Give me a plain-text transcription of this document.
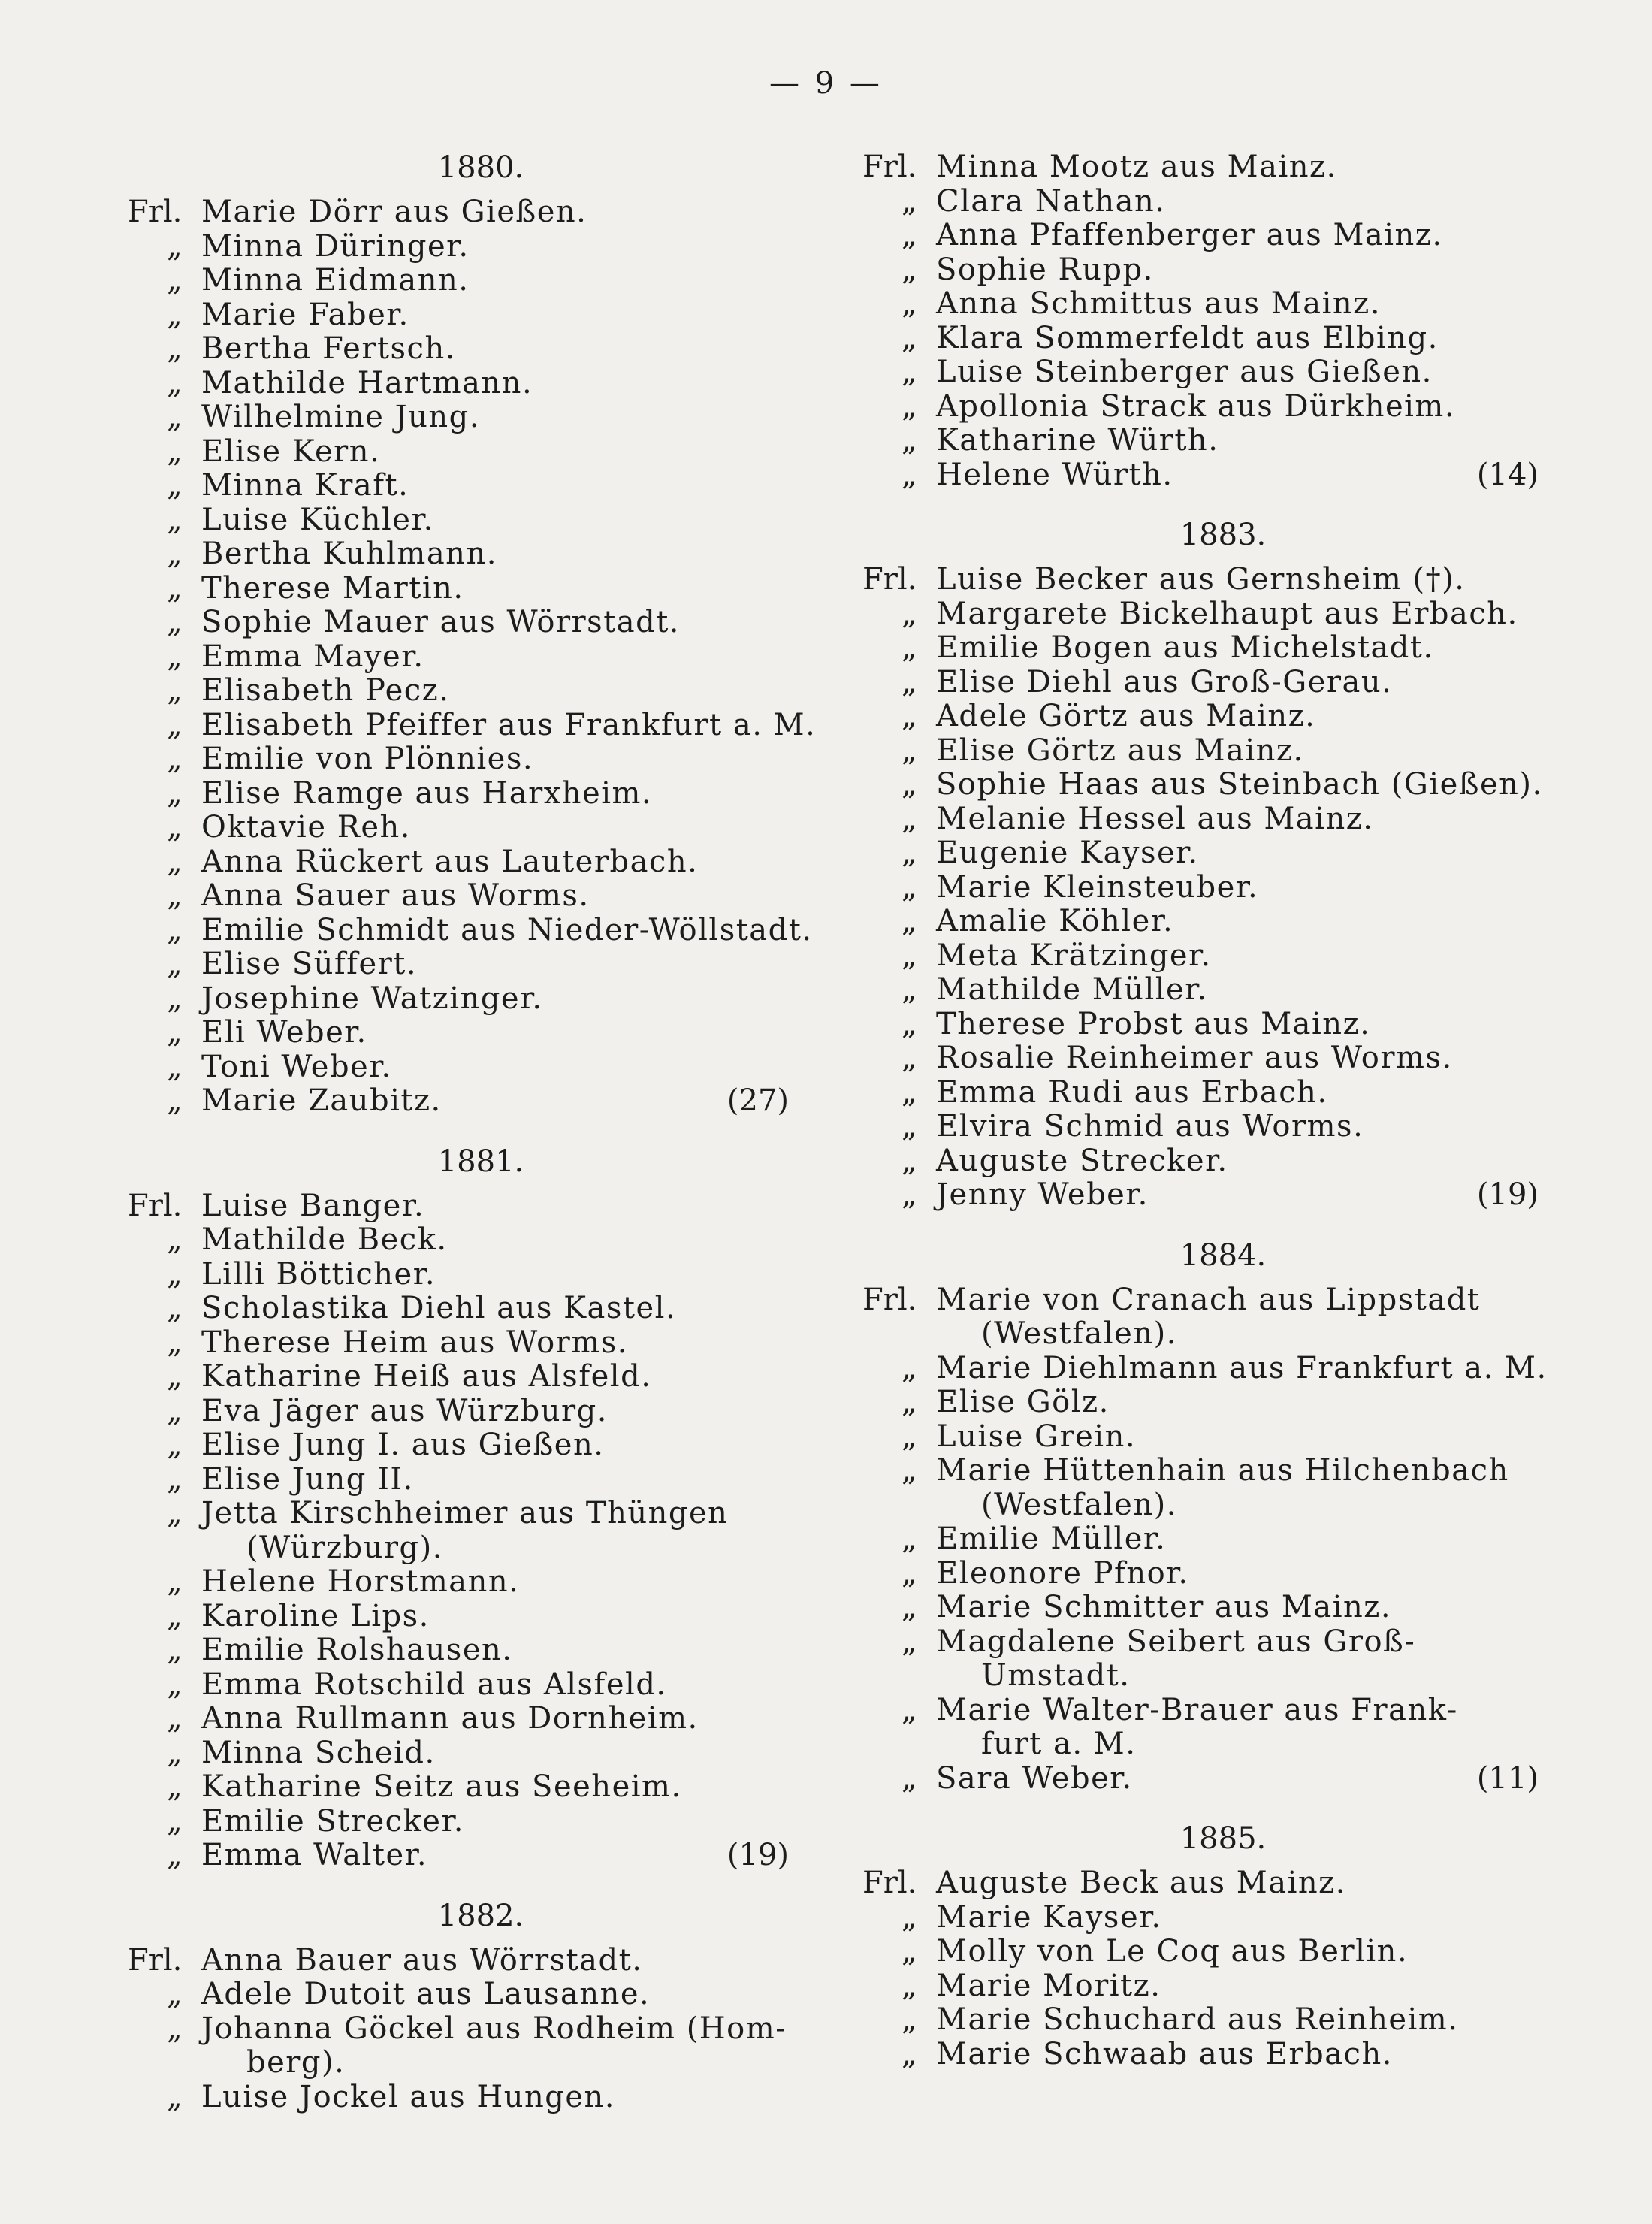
— 9 —
1880.
Frl. Marie Dörr aus Gießen.
„ Minna Düringer.
„ Minna Eidmann.
„ Marie Faber.
„ Bertha Fertsch.
„ Mathilde Hartmann.
„ Wilhelmine Jung.
„ Elise Kern.
„ Minna Kraft.
„ Luise Küchler.
„ Bertha Kuhlmann.
„ Therese Martin.
„ Sophie Mauer aus Wörrstadt.
„ Emma Mayer.
„ Elisabeth Pecz.
„ Elisabeth Pfeiffer aus Frankfurt a. M.
„ Emilie von Plönnies.
„ Elise Ramge aus Harxheim.
„ Oktavie Reh.
„ Anna Rückert aus Lauterbach.
„ Anna Sauer aus Worms.
„ Emilie Schmidt aus Nieder-Wöllstadt.
„ Elise Süffert.
„ Josephine Watzinger.
„ Eli Weber.
„ Toni Weber.
„ Marie Zaubitz.	(27)
1881.
Frl. Luise Banger.
„ Mathilde Beck.
„ Lilli Bötticher.
„ Scholastika Diehl aus Kastel.
„ Therese Heim aus Worms.
„ Katharine Heiß aus Alsfeld.
„ Eva Jäger aus Würzburg.
„ Elise Jung I. aus Gießen.
„ Elise Jung II.
„ Jetta Kirschheimer aus Thüngen
(Würzburg).
„ Helene Horstmann.
„ Karoline Lips.
„ Emilie Rolshausen.
„ Emma Rotschild aus Alsfeld.
„ Anna Rullmann aus Dornheim.
„ Minna Scheid.
„ Katharine Seitz aus Seeheim.
„ Emilie Strecker.
„ Emma Walter.	(19)
1882.
Frl. Anna Bauer aus Wörrstadt.
„ Adele Dutoit aus Lausanne.
„ Johanna Göckel aus Rodheim (Hom-
berg).
„ Luise Jockel aus Hungen.
Frl. Minna Mootz aus Mainz.
„ Clara Nathan.
„ Anna Pfaffenberger aus Mainz.
„ Sophie Rupp.
„ Anna Schmittus aus Mainz.
„ Klara Sommerfeldt aus Elbing.
„ Luise Steinberger aus Gießen.
„ Apollonia Strack aus Dürkheim.
„ Katharine Würth.
„ Helene Würth.	(14)
1883.
Frl. Luise Becker aus Gernsheim (†).
„ Margarete Bickelhaupt aus Erbach.
„ Emilie Bogen aus Michelstadt.
„ Elise Diehl aus Groß-Gerau.
„ Adele Görtz aus Mainz.
„ Elise Görtz aus Mainz.
„ Sophie Haas aus Steinbach (Gießen).
„ Melanie Hessel aus Mainz.
„ Eugenie Kayser.
„ Marie Kleinsteuber.
„ Amalie Köhler.
„ Meta Krätzinger.
„ Mathilde Müller.
„ Therese Probst aus Mainz.
„ Rosalie Reinheimer aus Worms.
„ Emma Rudi aus Erbach.
„ Elvira Schmid aus Worms.
„ Auguste Strecker.
„ Jenny Weber.	(19)
1884.
Frl. Marie von Cranach aus Lippstadt
(Westfalen).
„ Marie Diehlmann aus Frankfurt a. M.
„ Elise Gölz.
„ Luise Grein.
„ Marie Hüttenhain aus Hilchenbach
(Westfalen).
„ Emilie Müller.
„ Eleonore Pfnor.
„ Marie Schmitter aus Mainz.
„ Magdalene Seibert aus Groß-
Umstadt.
„ Marie Walter-Brauer aus Frank-
furt a. M.
„ Sara Weber.	(11)
1885.
Frl. Auguste Beck aus Mainz.
„ Marie Kayser.
„ Molly von Le Coq aus Berlin.
„ Marie Moritz.
„ Marie Schuchard aus Reinheim.
„ Marie Schwaab aus Erbach.
